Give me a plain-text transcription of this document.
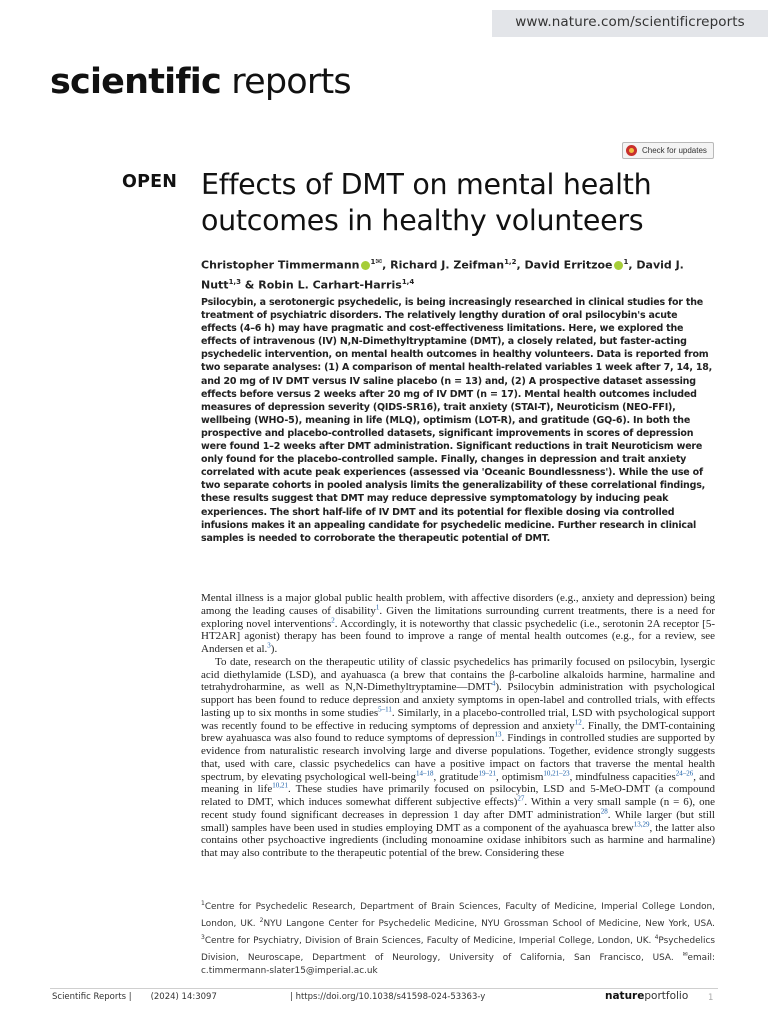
www.nature.com/scientificreports
scientific reports
Check for updates
OPEN Effects of DMT on mental health outcomes in healthy volunteers
Christopher Timmermann $^{1✉}$, Richard J. Zeifman$^{1,2}$, David Erritzoe $^1$, David J. Nutt$^{1,3}$ & Robin L. Carhart-Harris$^{1,4}$

Psilocybin, a serotonergic psychedelic, is being increasingly researched in clinical studies for the treatment of psychiatric disorders. The relatively lengthy duration of oral psilocybin's acute effects (4–6 h) may have pragmatic and cost-effectiveness limitations. Here, we explored the effects of intravenous (IV) N,N-Dimethyltryptamine (DMT), a closely related, but faster-acting psychedelic intervention, on mental health outcomes in healthy volunteers. Data is reported from two separate analyses: (1) A comparison of mental health-related variables 1 week after 7, 14, 18, and 20 mg of IV DMT versus IV saline placebo (n = 13) and, (2) A prospective dataset assessing effects before versus 2 weeks after 20 mg of IV DMT (n = 17). Mental health outcomes included measures of depression severity (QIDS-SR16), trait anxiety (STAI-T), Neuroticism (NEO-FFI), wellbeing (WHO-5), meaning in life (MLQ), optimism (LOT-R), and gratitude (GQ-6). In both the prospective and placebo-controlled datasets, significant improvements in scores of depression were found 1–2 weeks after DMT administration. Significant reductions in trait Neuroticism were only found for the placebo-controlled sample. Finally, changes in depression and trait anxiety correlated with acute peak experiences (assessed via 'Oceanic Boundlessness'). While the use of two separate cohorts in pooled analysis limits the generalizability of these correlational findings, these results suggest that DMT may reduce depressive symptomatology by inducing peak experiences. The short half-life of IV DMT and its potential for flexible dosing via controlled infusions makes it an appealing candidate for psychedelic medicine. Further research in clinical samples is needed to corroborate the therapeutic potential of DMT.

Mental illness is a major global public health problem, with affective disorders (e.g., anxiety and depression) being among the leading causes of disability$^1$. Given the limitations surrounding current treatments, there is a need for exploring novel interventions$^2$. Accordingly, it is noteworthy that classic psychedelic (i.e., serotonin 2A receptor [5-HT2AR] agonist) therapy has been found to improve a range of mental health outcomes (e.g., for a review, see Andersen et al.$^3$).

To date, research on the therapeutic utility of classic psychedelics has primarily focused on psilocybin, lysergic acid diethylamide (LSD), and ayahuasca (a brew that contains the β-carboline alkaloids harmine, harmaline and tetrahydroharmine, as well as N,N-Dimethyltryptamine—DMT$^4$). Psilocybin administration with psychological support has been found to reduce depression and anxiety symptoms in open-label and controlled trials, with effects lasting up to six months in some studies$^{5-11}$. Similarly, in a placebo-controlled trial, LSD with psychological support was recently found to be effective in reducing symptoms of depression and anxiety$^{12}$. Finally, the DMT-containing brew ayahuasca was also found to reduce symptoms of depression$^{13}$. Findings in controlled studies are supported by evidence from naturalistic research involving large and diverse populations. Together, evidence strongly suggests that, used with care, classic psychedelics can have a positive impact on factors that traverse the mental health spectrum, by elevating psychological well-being$^{14-18}$, gratitude$^{19-21}$, optimism$^{10,21-23}$, mindfulness capacities$^{24-26}$, and meaning in life$^{10,21}$. These studies have primarily focused on psilocybin, LSD and 5-MeO-DMT (a compound related to DMT, which induces somewhat different subjective effects)$^{27}$. Within a very small sample (n = 6), one recent study found significant decreases in depression 1 day after DMT administration$^{28}$. While larger (but still small) samples have been used in studies employing DMT as a component of the ayahuasca brew$^{13,29}$, the latter also contains other psychoactive ingredients (including monoamine oxidase inhibitors such as harmine and harmaline) that may also contribute to the therapeutic potential of the brew. Considering these

$^1$Centre for Psychedelic Research, Department of Brain Sciences, Faculty of Medicine, Imperial College London, London, UK. $^2$NYU Langone Center for Psychedelic Medicine, NYU Grossman School of Medicine, New York, USA. $^3$Centre for Psychiatry, Division of Brain Sciences, Faculty of Medicine, Imperial College, London, UK. $^4$Psychedelics Division, Neuroscape, Department of Neurology, University of California, San Francisco, USA. ✉email: c.timmermann-slater15@imperial.ac.uk

Scientific Reports | (2024) 14:3097	| https://doi.org/10.1038/s41598-024-53363-y	natureportfolio 1
